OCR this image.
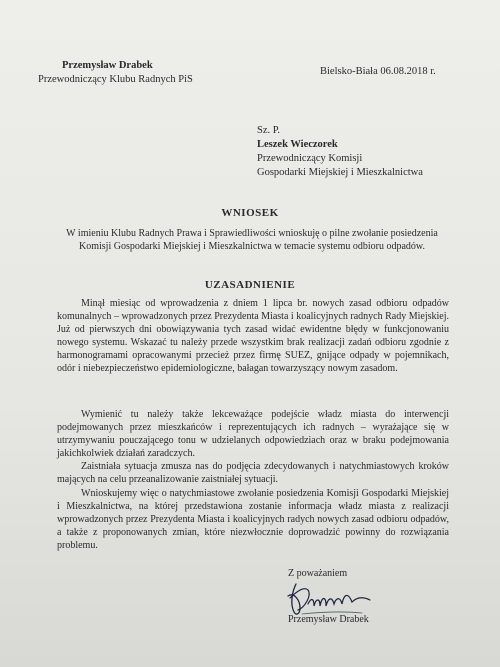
Przemysław Drabek
Przewodniczący Klubu Radnych PiS
Bielsko-Biała 06.08.2018 r.
Sz. P.
Leszek Wieczorek
Przewodniczący Komisji
Gospodarki Miejskiej i Mieszkalnictwa
WNIOSEK
W imieniu Klubu Radnych Prawa i Sprawiedliwości wnioskuję o pilne zwołanie posiedzenia Komisji Gospodarki Miejskiej i Mieszkalnictwa w temacie systemu odbioru odpadów.
UZASADNIENIE
Minął miesiąc od wprowadzenia z dniem 1 lipca br. nowych zasad odbioru odpadów komunalnych – wprowadzonych przez Prezydenta Miasta i koalicyjnych radnych Rady Miejskiej. Już od pierwszych dni obowiązywania tych zasad widać ewidentne błędy w funkcjonowaniu nowego systemu. Wskazać tu należy przede wszystkim brak realizacji zadań odbioru zgodnie z harmonogramami opracowanymi przecież przez firmę SUEZ, gnijące odpady w pojemnikach, odór i niebezpieczeństwo epidemiologiczne, bałagan towarzyszący nowym zasadom.
Wymienić tu należy także lekceważące podejście władz miasta do interwencji podejmowanych przez mieszkańców i reprezentujących ich radnych – wyrażające się w utrzymywaniu pouczającego tonu w udzielanych odpowiedziach oraz w braku podejmowania jakichkolwiek działań zaradczych.
Zaistniała sytuacja zmusza nas do podjęcia zdecydowanych i natychmiastowych kroków mających na celu przeanalizowanie zaistniałej sytuacji.
Wnioskujemy więc o natychmiastowe zwołanie posiedzenia Komisji Gospodarki Miejskiej i Mieszkalnictwa, na której przedstawiona zostanie informacja władz miasta z realizacji wprowadzonych przez Prezydenta Miasta i koalicyjnych radych nowych zasad odbioru odpadów, a także z proponowanych zmian, które niezwłocznie doprowadzić powinny do rozwiązania problemu.
Z poważaniem
Przemysław Drabek
